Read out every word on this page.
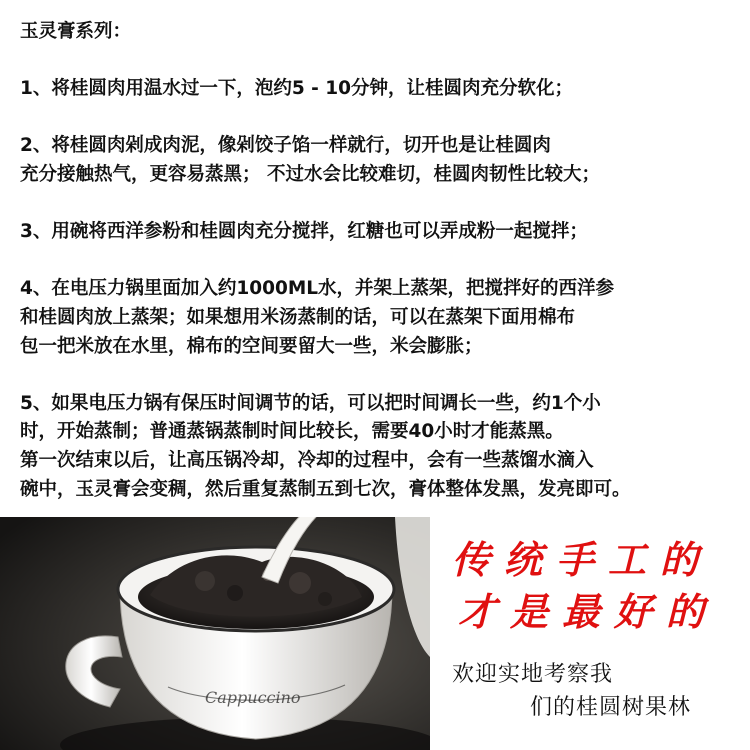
玉灵膏系列：
1、将桂圆肉用温水过一下，泡约5 - 10分钟，让桂圆肉充分软化；
2、将桂圆肉剁成肉泥，像剁饺子馅一样就行，切开也是让桂圆肉
充分接触热气，更容易蒸黑； 不过水会比较难切，桂圆肉韧性比较大；
3、用碗将西洋参粉和桂圆肉充分搅拌，红糖也可以弄成粉一起搅拌；
4、在电压力锅里面加入约1000ML水，并架上蒸架，把搅拌好的西洋参
和桂圆肉放上蒸架；如果想用米汤蒸制的话，可以在蒸架下面用棉布
包一把米放在水里，棉布的空间要留大一些，米会膨胀；
5、如果电压力锅有保压时间调节的话，可以把时间调长一些，约1个小
时，开始蒸制；普通蒸锅蒸制时间比较长，需要40小时才能蒸黑。
第一次结束以后，让高压锅冷却，冷却的过程中，会有一些蒸馏水滴入
碗中，玉灵膏会变稠，然后重复蒸制五到七次，膏体整体发黑，发亮即可。
Cappuccino
传统手工的
才是最好的
欢迎实地考察我
们的桂圆树果林
